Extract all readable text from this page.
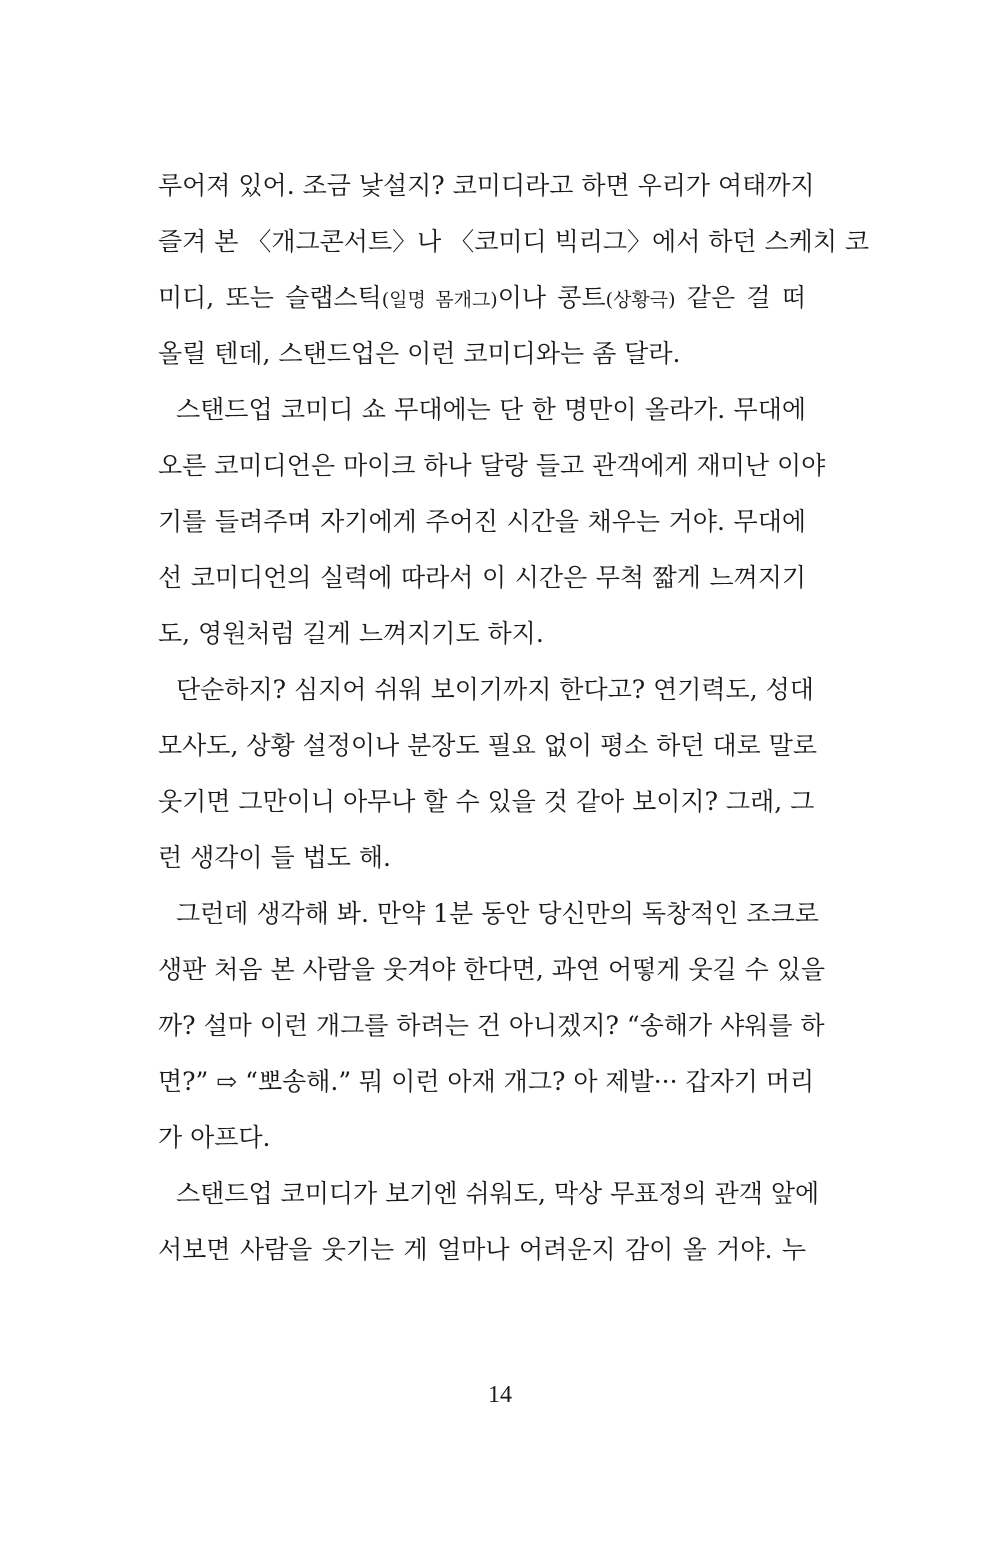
루어져 있어. 조금 낯설지? 코미디라고 하면 우리가 여태까지
즐겨 본 〈개그콘서트〉나 〈코미디 빅리그〉에서 하던 스케치 코
미디, 또는 슬랩스틱(일명 몸개그)이나 콩트(상황극) 같은 걸 떠
올릴 텐데, 스탠드업은 이런 코미디와는 좀 달라.
스탠드업 코미디 쇼 무대에는 단 한 명만이 올라가. 무대에
오른 코미디언은 마이크 하나 달랑 들고 관객에게 재미난 이야
기를 들려주며 자기에게 주어진 시간을 채우는 거야. 무대에
선 코미디언의 실력에 따라서 이 시간은 무척 짧게 느껴지기
도, 영원처럼 길게 느껴지기도 하지.
단순하지? 심지어 쉬워 보이기까지 한다고? 연기력도, 성대
모사도, 상황 설정이나 분장도 필요 없이 평소 하던 대로 말로
웃기면 그만이니 아무나 할 수 있을 것 같아 보이지? 그래, 그
런 생각이 들 법도 해.
그런데 생각해 봐. 만약 1분 동안 당신만의 독창적인 조크로
생판 처음 본 사람을 웃겨야 한다면, 과연 어떻게 웃길 수 있을
까? 설마 이런 개그를 하려는 건 아니겠지? “송해가 샤워를 하
면?” ⇨ “뽀송해.” 뭐 이런 아재 개그? 아 제발··· 갑자기 머리
가 아프다.
스탠드업 코미디가 보기엔 쉬워도, 막상 무표정의 관객 앞에
서보면 사람을 웃기는 게 얼마나 어려운지 감이 올 거야. 누
14
